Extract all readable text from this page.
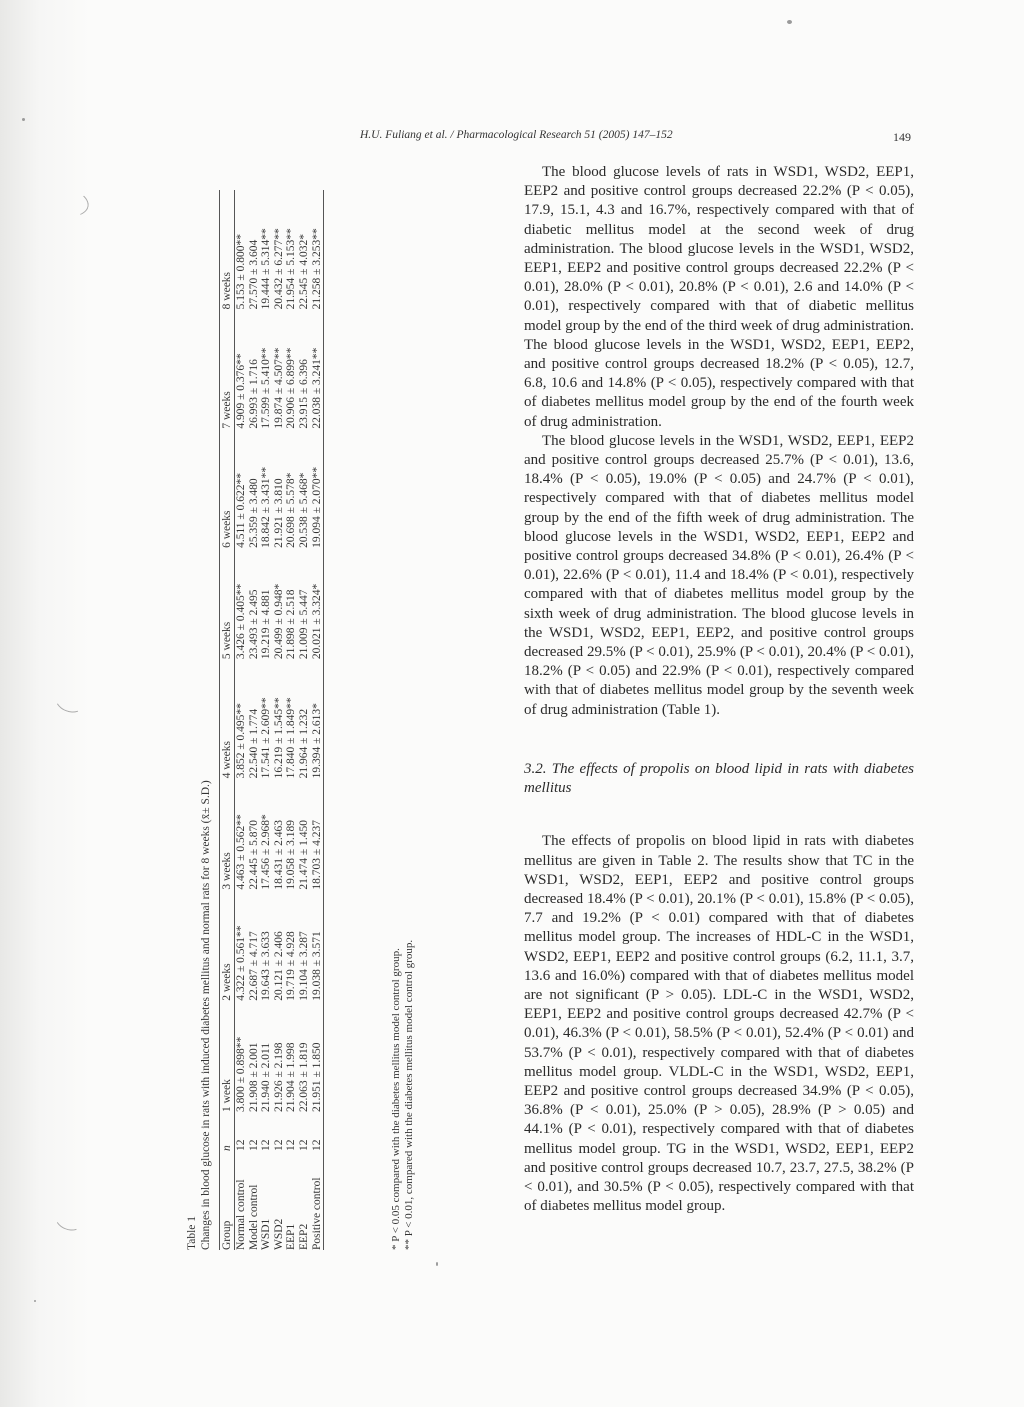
H.U. Fuliang et al. / Pharmacological Research 51 (2005) 147–152	149
Table 1 Changes in blood glucose in rats with induced diabetes mellitus and normal rats for 8 weeks (x̄± S.D.) Group	n	1 week	2 weeks	3 weeks	4 weeks	5 weeks	6 weeks	7 weeks	8 weeks
Normal control	12	3.800 ± 0.898**	4.322 ± 0.561**	4.463 ± 0.562**	3.852 ± 0.495**	3.426 ± 0.405**	4.511 ± 0.622**	4.909 ± 0.376**	5.153 ± 0.800**
Model control	12	21.908 ± 2.001	22.687 ± 4.717	22.445 ± 5.870	22.540 ± 1.774	23.493 ± 2.495	25.359 ± 3.480	26.993 ± 1.716	27.570 ± 3.604
WSD1	12	21.940 ± 2.011	19.643 ± 3.633	17.456 ± 2.968*	17.541 ± 2.609**	19.219 ± 4.881	18.842 ± 3.431**	17.599 ± 5.410**	19.444 ± 5.314**
WSD2	12	21.926 ± 2.198	20.121 ± 2.406	18.431 ± 2.463	16.219 ± 1.545**	20.499 ± 0.948*	21.921 ± 3.810	19.874 ± 4.507**	20.432 ± 6.277**
EEP1	12	21.904 ± 1.998	19.719 ± 4.928	19.058 ± 3.189	17.840 ± 1.849**	21.898 ± 2.518	20.698 ± 5.578*	20.906 ± 6.899**	21.954 ± 5.153**
EEP2	12	22.063 ± 1.819	19.104 ± 3.287	21.474 ± 1.450	21.964 ± 1.232	21.009 ± 5.447	20.538 ± 5.468*	23.915 ± 6.396	22.545 ± 4.032*
Positive control	12	21.951 ± 1.850	19.038 ± 3.571	18.703 ± 4.237	19.394 ± 2.613*	20.021 ± 3.324*	19.094 ± 2.070**	22.038 ± 3.241**	21.258 ± 3.253**
* P < 0.05 compared with the diabetes mellitus model control group. ** P < 0.01, compared with the diabetes mellitus model control group.

The blood glucose levels of rats in WSD1, WSD2, EEP1, EEP2 and positive control groups decreased 22.2% (P < 0.05), 17.9, 15.1, 4.3 and 16.7%, respectively compared with that of diabetic mellitus model at the second week of drug administration. The blood glucose levels in the WSD1, WSD2, EEP1, EEP2 and positive control groups decreased 22.2% (P < 0.01), 28.0% (P < 0.01), 20.8% (P < 0.01), 2.6 and 14.0% (P < 0.01), respectively compared with that of diabetic mellitus model group by the end of the third week of drug administration. The blood glucose levels in the WSD1, WSD2, EEP1, EEP2, and positive control groups decreased 18.2% (P < 0.05), 12.7, 6.8, 10.6 and 14.8% (P < 0.05), respectively compared with that of diabetes mellitus model group by the end of the fourth week of drug administration.

The blood glucose levels in the WSD1, WSD2, EEP1, EEP2 and positive control groups decreased 25.7% (P < 0.01), 13.6, 18.4% (P < 0.05), 19.0% (P < 0.05) and 24.7% (P < 0.01), respectively compared with that of diabetes mellitus model group by the end of the fifth week of drug administration. The blood glucose levels in the WSD1, WSD2, EEP1, EEP2 and positive control groups decreased 34.8% (P < 0.01), 26.4% (P < 0.01), 22.6% (P < 0.01), 11.4 and 18.4% (P < 0.01), respectively compared with that of diabetes mellitus model group by the sixth week of drug administration. The blood glucose levels in the WSD1, WSD2, EEP1, EEP2, and positive control groups decreased 29.5% (P < 0.01), 25.9% (P < 0.01), 20.4% (P < 0.01), 18.2% (P < 0.05) and 22.9% (P < 0.01), respectively compared with that of diabetes mellitus model group by the seventh week of drug administration (Table 1).

3.2. The effects of propolis on blood lipid in rats with diabetes mellitus

The effects of propolis on blood lipid in rats with diabetes mellitus are given in Table 2. The results show that TC in the WSD1, WSD2, EEP1, EEP2 and positive control groups decreased 18.4% (P < 0.01), 20.1% (P < 0.01), 15.8% (P < 0.05), 7.7 and 19.2% (P < 0.01) compared with that of diabetes mellitus model group. The increases of HDL-C in the WSD1, WSD2, EEP1, EEP2 and positive control groups (6.2, 11.1, 3.7, 13.6 and 16.0%) compared with that of diabetes mellitus model are not significant (P > 0.05). LDL-C in the WSD1, WSD2, EEP1, EEP2 and positive control groups decreased 42.7% (P < 0.01), 46.3% (P < 0.01), 58.5% (P < 0.01), 52.4% (P < 0.01) and 53.7% (P < 0.01), respectively compared with that of diabetes mellitus model group. VLDL-C in the WSD1, WSD2, EEP1, EEP2 and positive control groups decreased 34.9% (P < 0.05), 36.8% (P < 0.01), 25.0% (P > 0.05), 28.9% (P > 0.05) and 44.1% (P < 0.01), respectively compared with that of diabetes mellitus model group. TG in the WSD1, WSD2, EEP1, EEP2 and positive control groups decreased 10.7, 23.7, 27.5, 38.2% (P < 0.01), and 30.5% (P < 0.05), respectively compared with that of diabetes mellitus model group.
